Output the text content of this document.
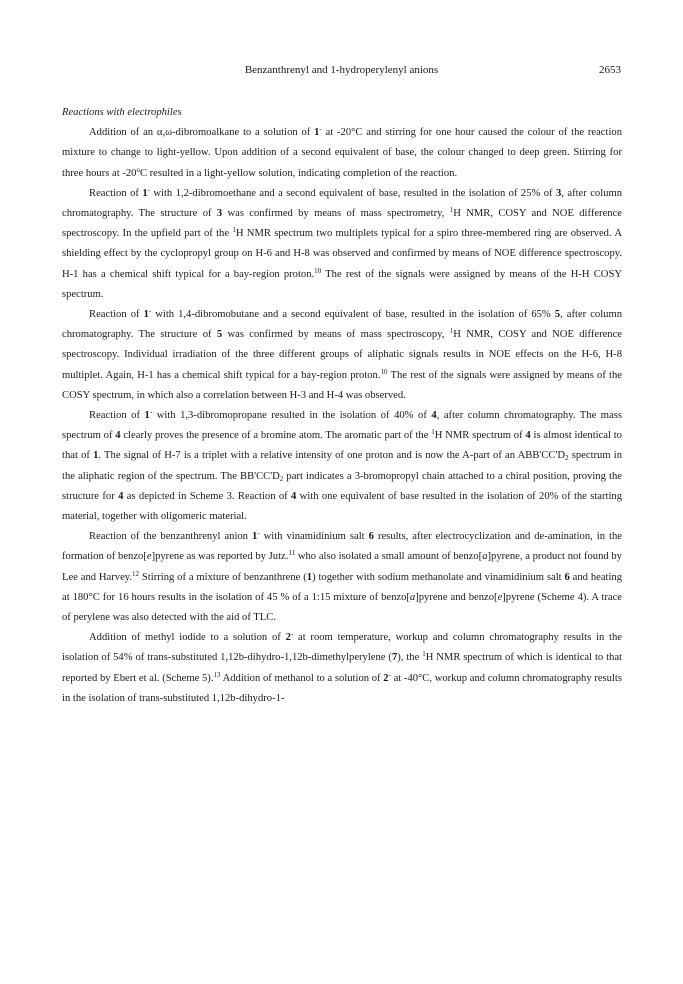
Benzanthrenyl and 1-hydroperylenyl anions	2653
Reactions with electrophiles

Addition of an α,ω-dibromoalkane to a solution of 1- at -20°C and stirring for one hour caused the colour of the reaction mixture to change to light-yellow. Upon addition of a second equivalent of base, the colour changed to deep green. Stirring for three hours at -20$^o$C resulted in a light-yellow solution, indicating completion of the reaction.

Reaction of 1- with 1,2-dibromoethane and a second equivalent of base, resulted in the isolation of 25% of 3, after column chromatography. The structure of 3 was confirmed by means of mass spectrometry, $^1$H NMR, COSY and NOE difference spectroscopy. In the upfield part of the $^1$H NMR spectrum two multiplets typical for a spiro three-membered ring are observed. A shielding effect by the cyclopropyl group on H-6 and H-8 was observed and confirmed by means of NOE difference spectroscopy. H-1 has a chemical shift typical for a bay-region proton.$^{10}$ The rest of the signals were assigned by means of the H-H COSY spectrum.

Reaction of 1- with 1,4-dibromobutane and a second equivalent of base, resulted in the isolation of 65% 5, after column chromatography. The structure of 5 was confirmed by means of mass spectroscopy, $^1$H NMR, COSY and NOE difference spectroscopy. Individual irradiation of the three different groups of aliphatic signals results in NOE effects on the H-6, H-8 multiplet. Again, H-1 has a chemical shift typical for a bay-region proton.$^{10}$ The rest of the signals were assigned by means of the COSY spectrum, in which also a correlation between H-3 and H-4 was observed.

Reaction of 1- with 1,3-dibromopropane resulted in the isolation of 40% of 4, after column chromatography. The mass spectrum of 4 clearly proves the presence of a bromine atom. The aromatic part of the $^1$H NMR spectrum of 4 is almost identical to that of 1. The signal of H-7 is a triplet with a relative intensity of one proton and is now the A-part of an $ABB'CC'D_2$ spectrum in the aliphatic region of the spectrum. The $BB'CC'D_2$ part indicates a 3-bromopropyl chain attached to a chiral position, proving the structure for 4 as depicted in Scheme 3. Reaction of 4 with one equivalent of base resulted in the isolation of 20% of the starting material, together with oligomeric material.

Reaction of the benzanthrenyl anion 1- with vinamidinium salt 6 results, after electrocyclization and de-amination, in the formation of benzo[e]pyrene as was reported by Jutz.$^{11}$ who also isolated a small amount of benzo[a]pyrene, a product not found by Lee and Harvey.$^{12}$ Stirring of a mixture of benzanthrene (1) together with sodium methanolate and vinamidinium salt 6 and heating at 180°C for 16 hours results in the isolation of 45 % of a 1:15 mixture of benzo[a]pyrene and benzo[e]pyrene (Scheme 4). A trace of perylene was also detected with the aid of TLC.

Addition of methyl iodide to a solution of 2- at room temperature, workup and column chromatography results in the isolation of 54% of trans-substituted 1,12b-dihydro-1,12b-dimethylperylene (7), the $^1$H NMR spectrum of which is identical to that reported by Ebert et al. (Scheme 5).$^{13}$ Addition of methanol to a solution of 2- at -40°C, workup and column chromatography results in the isolation of trans-substituted 1,12b-dihydro-1-
